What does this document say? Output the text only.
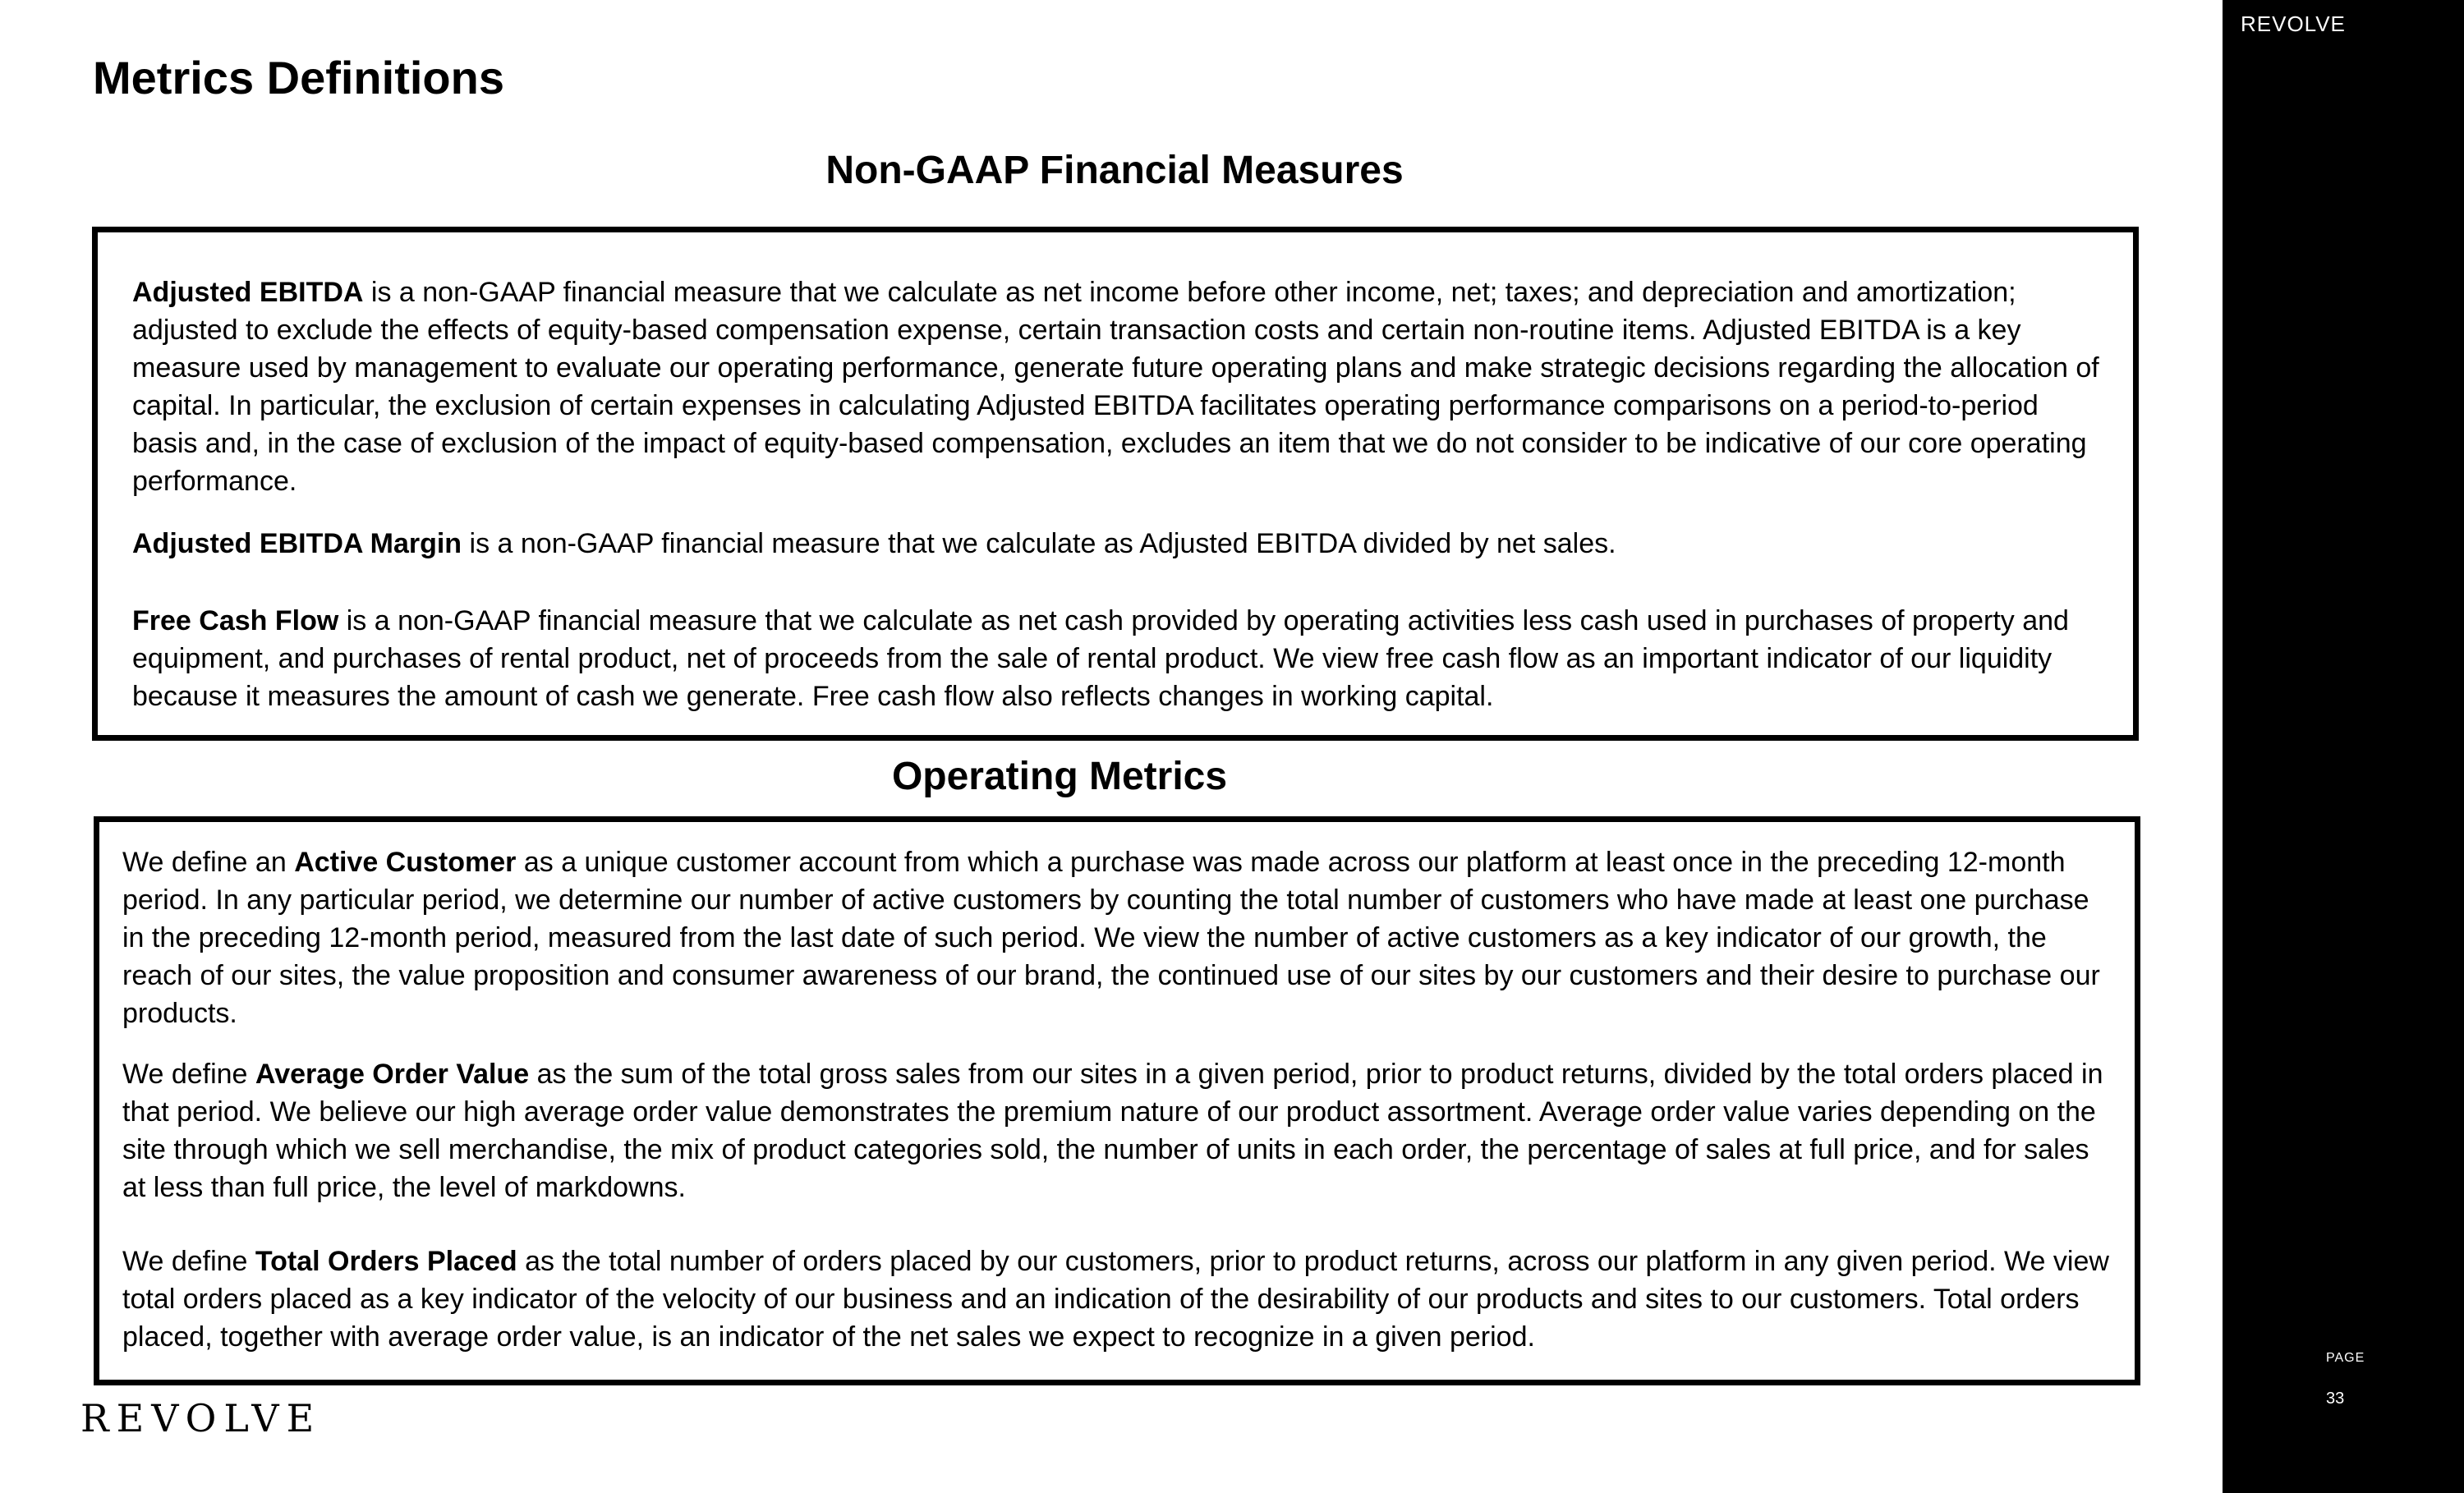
Metrics Definitions
Non-GAAP Financial Measures

Adjusted EBITDA is a non-GAAP financial measure that we calculate as net income before other income, net; taxes; and depreciation and amortization; adjusted to exclude the effects of equity-based compensation expense, certain transaction costs and certain non-routine items. Adjusted EBITDA is a key measure used by management to evaluate our operating performance, generate future operating plans and make strategic decisions regarding the allocation of capital. In particular, the exclusion of certain expenses in calculating Adjusted EBITDA facilitates operating performance comparisons on a period-to-period basis and, in the case of exclusion of the impact of equity-based compensation, excludes an item that we do not consider to be indicative of our core operating performance.

Adjusted EBITDA Margin is a non-GAAP financial measure that we calculate as Adjusted EBITDA divided by net sales.

Free Cash Flow is a non-GAAP financial measure that we calculate as net cash provided by operating activities less cash used in purchases of property and equipment, and purchases of rental product, net of proceeds from the sale of rental product. We view free cash flow as an important indicator of our liquidity because it measures the amount of cash we generate. Free cash flow also reflects changes in working capital.

Operating Metrics

We define an Active Customer as a unique customer account from which a purchase was made across our platform at least once in the preceding 12-month period. In any particular period, we determine our number of active customers by counting the total number of customers who have made at least one purchase in the preceding 12-month period, measured from the last date of such period. We view the number of active customers as a key indicator of our growth, the reach of our sites, the value proposition and consumer awareness of our brand, the continued use of our sites by our customers and their desire to purchase our products.

We define Average Order Value as the sum of the total gross sales from our sites in a given period, prior to product returns, divided by the total orders placed in that period. We believe our high average order value demonstrates the premium nature of our product assortment. Average order value varies depending on the site through which we sell merchandise, the mix of product categories sold, the number of units in each order, the percentage of sales at full price, and for sales at less than full price, the level of markdowns.

We define Total Orders Placed as the total number of orders placed by our customers, prior to product returns, across our platform in any given period. We view total orders placed as a key indicator of the velocity of our business and an indication of the desirability of our products and sites to our customers. Total orders placed, together with average order value, is an indicator of the net sales we expect to recognize in a given period.

REVOLVE
REVOLVE
PAGE
33
